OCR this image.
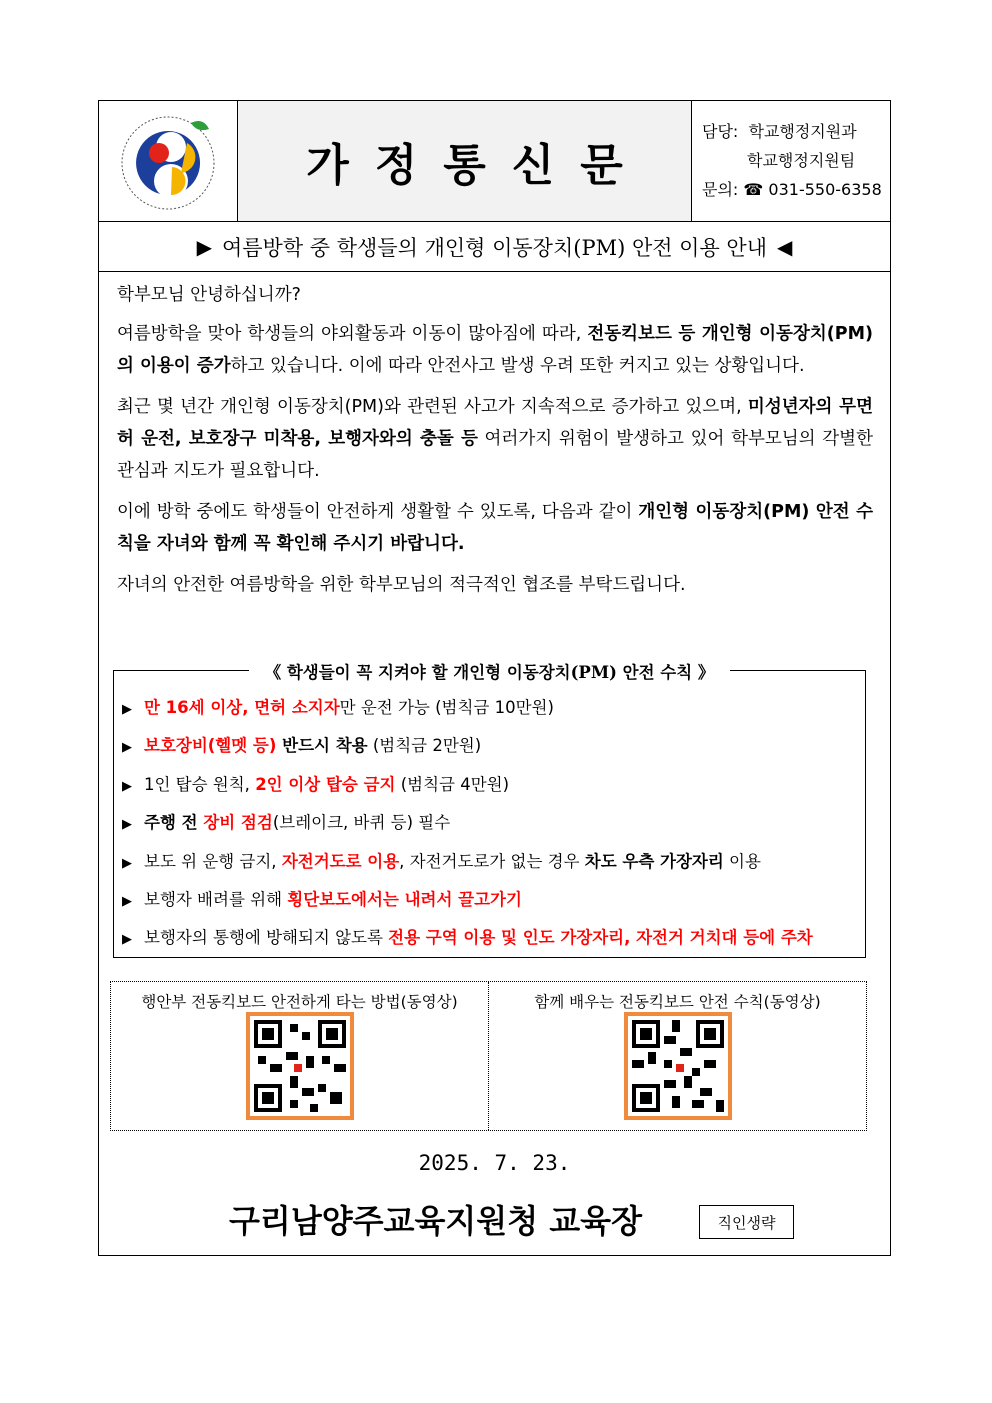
가정통신문
담당: 학교행정지원과
학교행정지원팀
문의: ☎ 031-550-6358
▶ 여름방학 중 학생들의 개인형 이동장치(PM) 안전 이용 안내 ◀

학부모님 안녕하십니까?

여름방학을 맞아 학생들의 야외활동과 이동이 많아짐에 따라, 전동킥보드 등 개인형 이동장치(PM)의 이용이 증가하고 있습니다. 이에 따라 안전사고 발생 우려 또한 커지고 있는 상황입니다.

최근 몇 년간 개인형 이동장치(PM)와 관련된 사고가 지속적으로 증가하고 있으며, 미성년자의 무면허 운전, 보호장구 미착용, 보행자와의 충돌 등 여러가지 위험이 발생하고 있어 학부모님의 각별한 관심과 지도가 필요합니다.

이에 방학 중에도 학생들이 안전하게 생활할 수 있도록, 다음과 같이 개인형 이동장치(PM) 안전 수칙을 자녀와 함께 꼭 확인해 주시기 바랍니다.

자녀의 안전한 여름방학을 위한 학부모님의 적극적인 협조를 부탁드립니다.

《 학생들이 꼭 지켜야 할 개인형 이동장치(PM) 안전 수칙 》
▶ 만 16세 이상, 면허 소지자만 운전 가능 (범칙금 10만원)
▶ 보호장비(헬멧 등) 반드시 착용 (범칙금 2만원)
▶ 1인 탑승 원칙, 2인 이상 탑승 금지 (범칙금 4만원)
▶ 주행 전 장비 점검(브레이크, 바퀴 등) 필수
▶ 보도 위 운행 금지, 자전거도로 이용, 자전거도로가 없는 경우 차도 우측 가장자리 이용
▶ 보행자 배려를 위해 횡단보도에서는 내려서 끌고가기
▶ 보행자의 통행에 방해되지 않도록 전용 구역 이용 및 인도 가장자리, 자전거 거치대 등에 주차
행안부 전동킥보드 안전하게 타는 방법(동영상)	함께 배우는 전동킥보드 안전 수칙(동영상)
2025. 7. 23.
구리남양주교육지원청 교육장	직인생략
